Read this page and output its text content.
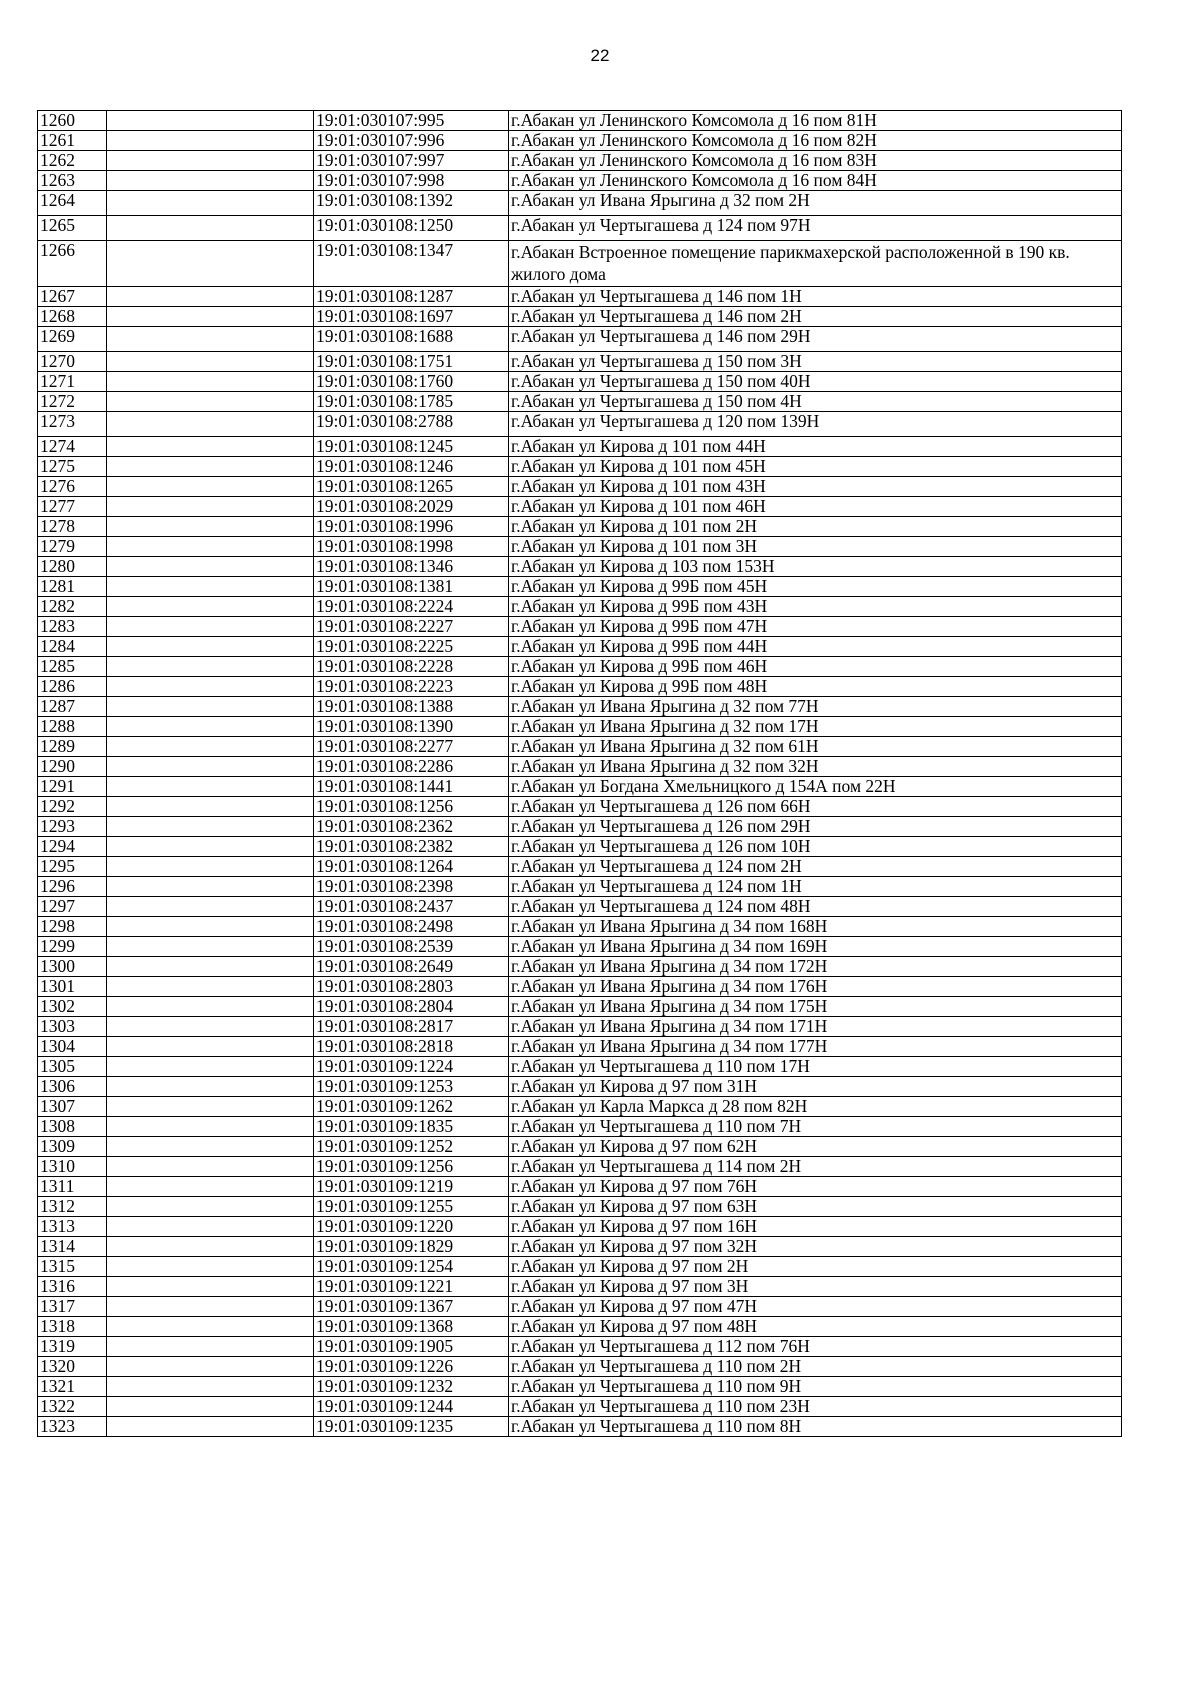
22
1260		19:01:030107:995	г.Абакан ул Ленинского Комсомола д 16 пом 81Н
1261		19:01:030107:996	г.Абакан ул Ленинского Комсомола д 16 пом 82Н
1262		19:01:030107:997	г.Абакан ул Ленинского Комсомола д 16 пом 83Н
1263		19:01:030107:998	г.Абакан ул Ленинского Комсомола д 16 пом 84Н
1264		19:01:030108:1392	г.Абакан ул Ивана Ярыгина д 32 пом 2Н
1265		19:01:030108:1250	г.Абакан ул Чертыгашева д 124 пом 97Н
1266		19:01:030108:1347	г.Абакан Встроенное помещение парикмахерской расположенной в 190 кв. жилого дома
1267		19:01:030108:1287	г.Абакан ул Чертыгашева д 146 пом 1Н
1268		19:01:030108:1697	г.Абакан ул Чертыгашева д 146 пом 2Н
1269		19:01:030108:1688	г.Абакан ул Чертыгашева д 146 пом 29Н
1270		19:01:030108:1751	г.Абакан ул Чертыгашева д 150 пом 3Н
1271		19:01:030108:1760	г.Абакан ул Чертыгашева д 150 пом 40Н
1272		19:01:030108:1785	г.Абакан ул Чертыгашева д 150 пом 4Н
1273		19:01:030108:2788	г.Абакан ул Чертыгашева д 120 пом 139Н
1274		19:01:030108:1245	г.Абакан ул Кирова д 101 пом 44Н
1275		19:01:030108:1246	г.Абакан ул Кирова д 101 пом 45Н
1276		19:01:030108:1265	г.Абакан ул Кирова д 101 пом 43Н
1277		19:01:030108:2029	г.Абакан ул Кирова д 101 пом 46Н
1278		19:01:030108:1996	г.Абакан ул Кирова д 101 пом 2Н
1279		19:01:030108:1998	г.Абакан ул Кирова д 101 пом 3Н
1280		19:01:030108:1346	г.Абакан ул Кирова д 103 пом 153Н
1281		19:01:030108:1381	г.Абакан ул Кирова д 99Б пом 45Н
1282		19:01:030108:2224	г.Абакан ул Кирова д 99Б пом 43Н
1283		19:01:030108:2227	г.Абакан ул Кирова д 99Б пом 47Н
1284		19:01:030108:2225	г.Абакан ул Кирова д 99Б пом 44Н
1285		19:01:030108:2228	г.Абакан ул Кирова д 99Б пом 46Н
1286		19:01:030108:2223	г.Абакан ул Кирова д 99Б пом 48Н
1287		19:01:030108:1388	г.Абакан ул Ивана Ярыгина д 32 пом 77Н
1288		19:01:030108:1390	г.Абакан ул Ивана Ярыгина д 32 пом 17Н
1289		19:01:030108:2277	г.Абакан ул Ивана Ярыгина д 32 пом 61Н
1290		19:01:030108:2286	г.Абакан ул Ивана Ярыгина д 32 пом 32Н
1291		19:01:030108:1441	г.Абакан ул Богдана Хмельницкого д 154А пом 22Н
1292		19:01:030108:1256	г.Абакан ул Чертыгашева д 126 пом 66Н
1293		19:01:030108:2362	г.Абакан ул Чертыгашева д 126 пом 29Н
1294		19:01:030108:2382	г.Абакан ул Чертыгашева д 126 пом 10Н
1295		19:01:030108:1264	г.Абакан ул Чертыгашева д 124 пом 2Н
1296		19:01:030108:2398	г.Абакан ул Чертыгашева д 124 пом 1Н
1297		19:01:030108:2437	г.Абакан ул Чертыгашева д 124 пом 48Н
1298		19:01:030108:2498	г.Абакан ул Ивана Ярыгина д 34 пом 168Н
1299		19:01:030108:2539	г.Абакан ул Ивана Ярыгина д 34 пом 169Н
1300		19:01:030108:2649	г.Абакан ул Ивана Ярыгина д 34 пом 172Н
1301		19:01:030108:2803	г.Абакан ул Ивана Ярыгина д 34 пом 176Н
1302		19:01:030108:2804	г.Абакан ул Ивана Ярыгина д 34 пом 175Н
1303		19:01:030108:2817	г.Абакан ул Ивана Ярыгина д 34 пом 171Н
1304		19:01:030108:2818	г.Абакан ул Ивана Ярыгина д 34 пом 177Н
1305		19:01:030109:1224	г.Абакан ул Чертыгашева д 110 пом 17Н
1306		19:01:030109:1253	г.Абакан ул Кирова д 97 пом 31Н
1307		19:01:030109:1262	г.Абакан ул Карла Маркса д 28 пом 82Н
1308		19:01:030109:1835	г.Абакан ул Чертыгашева д 110 пом 7Н
1309		19:01:030109:1252	г.Абакан ул Кирова д 97 пом 62Н
1310		19:01:030109:1256	г.Абакан ул Чертыгашева д 114 пом 2Н
1311		19:01:030109:1219	г.Абакан ул Кирова д 97 пом 76Н
1312		19:01:030109:1255	г.Абакан ул Кирова д 97 пом 63Н
1313		19:01:030109:1220	г.Абакан ул Кирова д 97 пом 16Н
1314		19:01:030109:1829	г.Абакан ул Кирова д 97 пом 32Н
1315		19:01:030109:1254	г.Абакан ул Кирова д 97 пом 2Н
1316		19:01:030109:1221	г.Абакан ул Кирова д 97 пом 3Н
1317		19:01:030109:1367	г.Абакан ул Кирова д 97 пом 47Н
1318		19:01:030109:1368	г.Абакан ул Кирова д 97 пом 48Н
1319		19:01:030109:1905	г.Абакан ул Чертыгашева д 112 пом 76Н
1320		19:01:030109:1226	г.Абакан ул Чертыгашева д 110 пом 2Н
1321		19:01:030109:1232	г.Абакан ул Чертыгашева д 110 пом 9Н
1322		19:01:030109:1244	г.Абакан ул Чертыгашева д 110 пом 23Н
1323		19:01:030109:1235	г.Абакан ул Чертыгашева д 110 пом 8Н
